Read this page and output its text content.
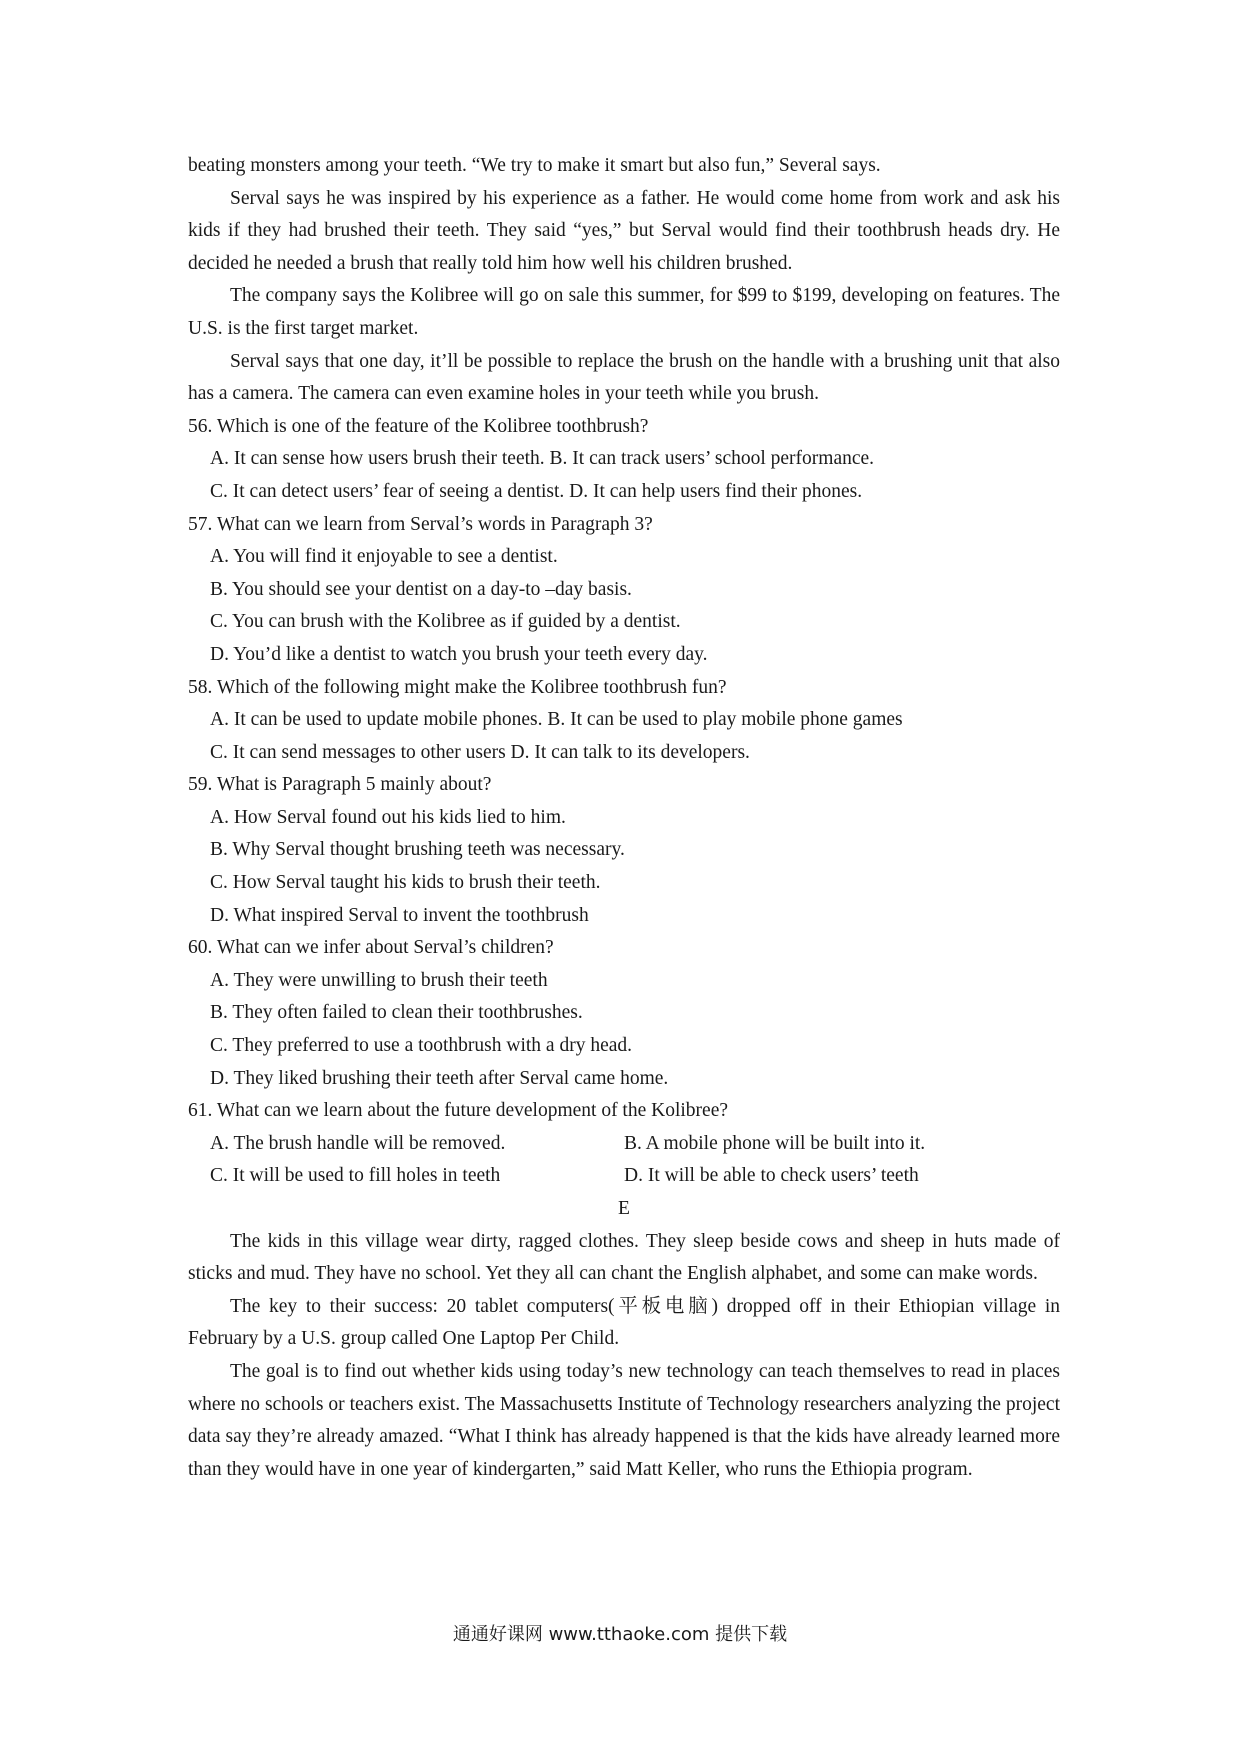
beating monsters among your teeth. “We try to make it smart but also fun,” Several says.

Serval says he was inspired by his experience as a father. He would come home from work and ask his kids if they had brushed their teeth. They said “yes,” but Serval would find their toothbrush heads dry. He decided he needed a brush that really told him how well his children brushed.

The company says the Kolibree will go on sale this summer, for $99 to $199, developing on features. The U.S. is the first target market.

Serval says that one day, it’ll be possible to replace the brush on the handle with a brushing unit that also has a camera. The camera can even examine holes in your teeth while you brush.

56. Which is one of the feature of the Kolibree toothbrush?

A. It can sense how users brush their teeth. B. It can track users’ school performance.

C. It can detect users’ fear of seeing a dentist. D. It can help users find their phones.

57. What can we learn from Serval’s words in Paragraph 3?

A. You will find it enjoyable to see a dentist.

B. You should see your dentist on a day-to –day basis.

C. You can brush with the Kolibree as if guided by a dentist.

D. You’d like a dentist to watch you brush your teeth every day.

58. Which of the following might make the Kolibree toothbrush fun?

A. It can be used to update mobile phones. B. It can be used to play mobile phone games

C. It can send messages to other users D. It can talk to its developers.

59. What is Paragraph 5 mainly about?

A. How Serval found out his kids lied to him.

B. Why Serval thought brushing teeth was necessary.

C. How Serval taught his kids to brush their teeth.

D. What inspired Serval to invent the toothbrush

60. What can we infer about Serval’s children?

A. They were unwilling to brush their teeth

B. They often failed to clean their toothbrushes.

C. They preferred to use a toothbrush with a dry head.

D. They liked brushing their teeth after Serval came home.

61. What can we learn about the future development of the Kolibree?

A. The brush handle will be removed.	B. A mobile phone will be built into it.
C. It will be used to fill holes in teeth	D. It will be able to check users’ teeth

E

The kids in this village wear dirty, ragged clothes. They sleep beside cows and sheep in huts made of sticks and mud. They have no school. Yet they all can chant the English alphabet, and some can make words.

The key to their success: 20 tablet computers(平板电脑) dropped off in their Ethiopian village in February by a U.S. group called One Laptop Per Child.

The goal is to find out whether kids using today’s new technology can teach themselves to read in places where no schools or teachers exist. The Massachusetts Institute of Technology researchers analyzing the project data say they’re already amazed. “What I think has already happened is that the kids have already learned more than they would have in one year of kindergarten,” said Matt Keller, who runs the Ethiopia program.

通通好课网 www.tthaoke.com 提供下载
